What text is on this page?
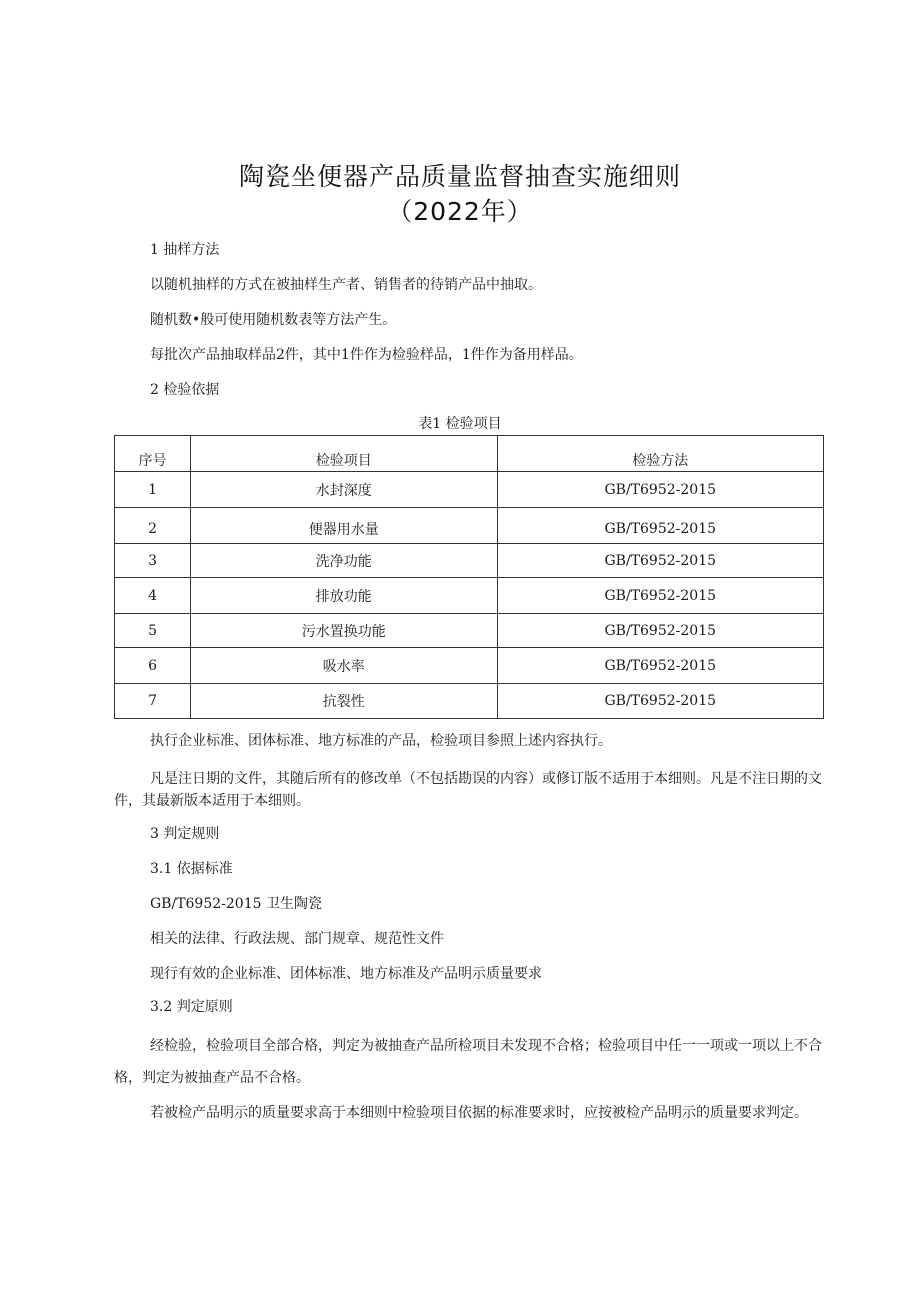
陶瓷坐便器产品质量监督抽查实施细则
（2022年）
1 抽样方法
以随机抽样的方式在被抽样生产者、销售者的待销产品中抽取。
随机数•般可使用随机数表等方法产生。
每批次产品抽取样品2件，其中1件作为检验样品，1件作为备用样品。
2 检验依据
表1 检验项目
序号	检验项目	检验方法
1	水封深度	GB/T6952-2015
2	便器用水量	GB/T6952-2015
3	洗净功能	GB/T6952-2015
4	排放功能	GB/T6952-2015
5	污水置换功能	GB/T6952-2015
6	吸水率	GB/T6952-2015
7	抗裂性	GB/T6952-2015
执行企业标准、团体标准、地方标准的产品，检验项目参照上述内容执行。
凡是注日期的文件，其随后所有的修改单（不包括勘误的内容）或修订版不适用于本细则。凡是不注日期的文件，其最新版本适用于本细则。
3 判定规则
3.1 依据标准
GB/T6952-2015 卫生陶瓷
相关的法律、行政法规、部门规章、规范性文件
现行有效的企业标准、团体标准、地方标准及产品明示质量要求
3.2 判定原则
经检验，检验项目全部合格，判定为被抽查产品所检项目未发现不合格；检验项目中任一一项或一项以上不合格，判定为被抽查产品不合格。
若被检产品明示的质量要求高于本细则中检验项目依据的标准要求时，应按被检产品明示的质量要求判定。
